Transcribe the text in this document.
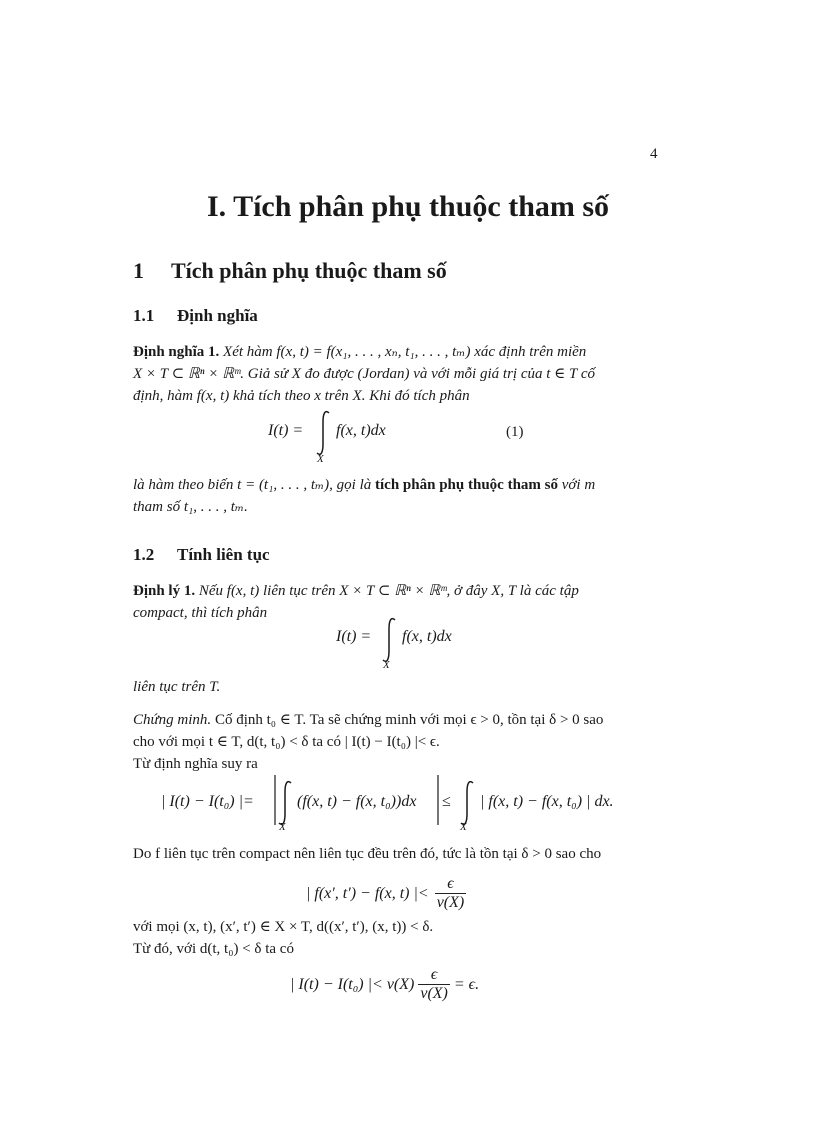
4
I. Tích phân phụ thuộc tham số
1 Tích phân phụ thuộc tham số
1.1 Định nghĩa
Định nghĩa 1. Xét hàm f(x, t) = f(x₁, . . . , xₙ, t₁, . . . , tₘ) xác định trên miền
X × T ⊂ ℝⁿ × ℝᵐ. Giả sử X đo được (Jordan) và với mỗi giá trị của t ∈ T cố
định, hàm f(x, t) khả tích theo x trên X. Khi đó tích phân
I(t) = f(x, t)dx
X
(1)
là hàm theo biến t = (t₁, . . . , tₘ), gọi là tích phân phụ thuộc tham số với m
tham số t₁, . . . , tₘ.
1.2 Tính liên tục
Định lý 1. Nếu f(x, t) liên tục trên X × T ⊂ ℝⁿ × ℝᵐ, ở đây X, T là các tập
compact, thì tích phân
I(t) = f(x, t)dx
X
liên tục trên T.
Chứng minh. Cố định t₀ ∈ T. Ta sẽ chứng minh với mọi ϵ > 0, tồn tại δ > 0 sao
cho với mọi t ∈ T, d(t, t₀) < δ ta có | I(t) − I(t₀) |< ϵ.
Từ định nghĩa suy ra
| I(t) − I(t₀) |=	(f(x, t) − f(x, t₀))dx ≤ | f(x, t) − f(x, t₀) | dx.
X	X
Do f liên tục trên compact nên liên tục đều trên đó, tức là tồn tại δ > 0 sao cho
| f(x′, t′) − f(x, t) |< $\frac{\epsilon}{v(X)}$
với mọi (x, t), (x′, t′) ∈ X × T, d((x′, t′), (x, t)) < δ.
Từ đó, với d(t, t₀) < δ ta có
| I(t) − I(t₀) |< $v(X) \frac{\epsilon}{v(X)} = \epsilon$.
